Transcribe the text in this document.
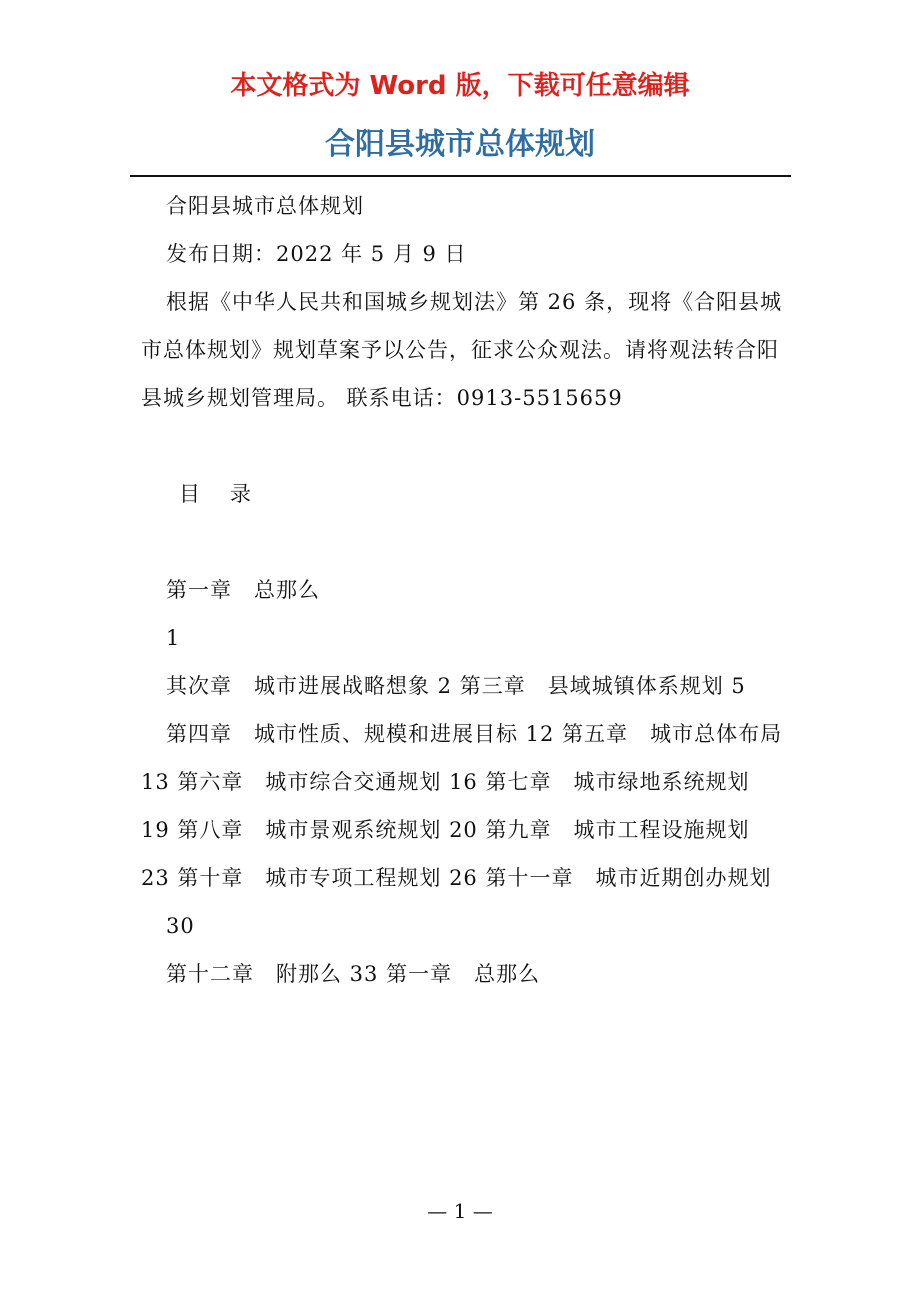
本文格式为 Word 版，下载可任意编辑
合阳县城市总体规划

合阳县城市总体规划

发布日期：2022 年 5 月 9 日

根据《中华人民共和国城乡规划法》第 26 条，现将《合阳县城市总体规划》规划草案予以公告，征求公众观法。请将观法转合阳县城乡规划管理局。 联系电话：0913-5515659

目 录

第一章　总那么

1

其次章　城市进展战略想象 2 第三章　县域城镇体系规划 5

第四章　城市性质、规模和进展目标 12 第五章　城市总体布局 13 第六章　城市综合交通规划 16 第七章　城市绿地系统规划 19 第八章　城市景观系统规划 20 第九章　城市工程设施规划 23 第十章　城市专项工程规划 26 第十一章　城市近期创办规划

30

第十二章　附那么 33 第一章　总那么

— 1 —
